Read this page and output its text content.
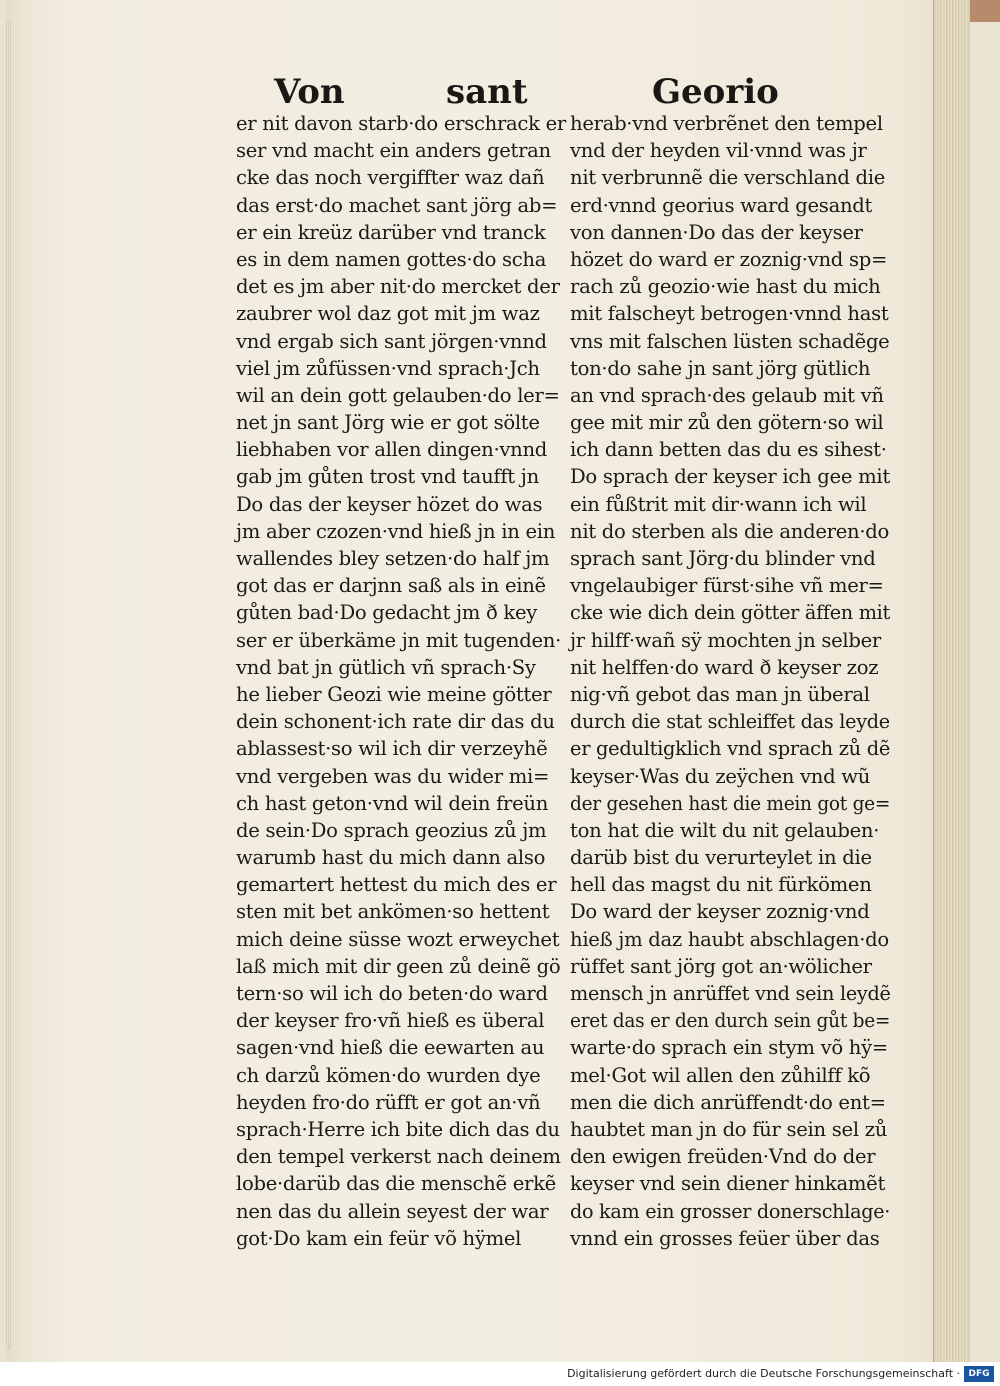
Von	sant	Georio
er nit davon starb·do erschrack er
ser vnd macht ein anders getran
cke das noch vergiffter waz dañ
das erst·do machet sant jörg ab=
er ein kreüz darüber vnd tranck
es in dem namen gottes·do scha
det es jm aber nit·do mercket der
zaubrer wol daz got mit jm waz
vnd ergab sich sant jörgen·vnnd
viel jm zůfüssen·vnd sprach·Jch
wil an dein gott gelauben·do ler=
net jn sant Jörg wie er got sölte
liebhaben vor allen dingen·vnnd
gab jm gůten trost vnd taufft jn
Do das der keyser hözet do was
jm aber czozen·vnd hieß jn in ein
wallendes bley setzen·do half jm
got das er darjnn saß als in einẽ
gůten bad·Do gedacht jm ð key
ser er überkäme jn mit tugenden·
vnd bat jn gütlich vñ sprach·Sy
he lieber Geozi wie meine götter
dein schonent·ich rate dir das du
ablassest·so wil ich dir verzeyhẽ
vnd vergeben was du wider mi=
ch hast geton·vnd wil dein freün
de sein·Do sprach geozius zů jm
warumb hast du mich dann also
gemartert hettest du mich des er
sten mit bet ankömen·so hettent
mich deine süsse wozt erweychet
laß mich mit dir geen zů deinẽ gö
tern·so wil ich do beten·do ward
der keyser fro·vñ hieß es überal
sagen·vnd hieß die eewarten au
ch darzů kömen·do wurden dye
heyden fro·do rüfft er got an·vñ
sprach·Herre ich bite dich das du
den tempel verkerst nach deinem
lobe·darüb das die menschẽ erkẽ
nen das du allein seyest der war
got·Do kam ein feür võ hÿmel
herab·vnd verbrẽnet den tempel
vnd der heyden vil·vnnd was jr
nit verbrunnẽ die verschland die
erd·vnnd georius ward gesandt
von dannen·Do das der keyser
hözet do ward er zoznig·vnd sp=
rach zů geozio·wie hast du mich
mit falscheyt betrogen·vnnd hast
vns mit falschen lüsten schadẽge
ton·do sahe jn sant jörg gütlich
an vnd sprach·des gelaub mit vñ
gee mit mir zů den götern·so wil
ich dann betten das du es sihest·
Do sprach der keyser ich gee mit
ein fůßtrit mit dir·wann ich wil
nit do sterben als die anderen·do
sprach sant Jörg·du blinder vnd
vngelaubiger fürst·sihe vñ mer=
cke wie dich dein götter äffen mit
jr hilff·wañ sÿ mochten jn selber
nit helffen·do ward ð keyser zoz
nig·vñ gebot das man jn überal
durch die stat schleiffet das leyde
er gedultigklich vnd sprach zů dẽ
keyser·Was du zeÿchen vnd wũ
der gesehen hast die mein got ge=
ton hat die wilt du nit gelauben·
darüb bist du verurteylet in die
hell das magst du nit fürkömen
Do ward der keyser zoznig·vnd
hieß jm daz haubt abschlagen·do
rüffet sant jörg got an·wölicher
mensch jn anrüffet vnd sein leydẽ
eret das er den durch sein gůt be=
warte·do sprach ein stym võ hÿ=
mel·Got wil allen den zůhilff kõ
men die dich anrüffendt·do ent=
haubtet man jn do für sein sel zů
den ewigen freüden·Vnd do der
keyser vnd sein diener hinkamẽt
do kam ein grosser donerschlage·
vnnd ein grosses feüer über das
Digitalisierung gefördert durch die Deutsche Forschungsgemeinschaft · DFG
